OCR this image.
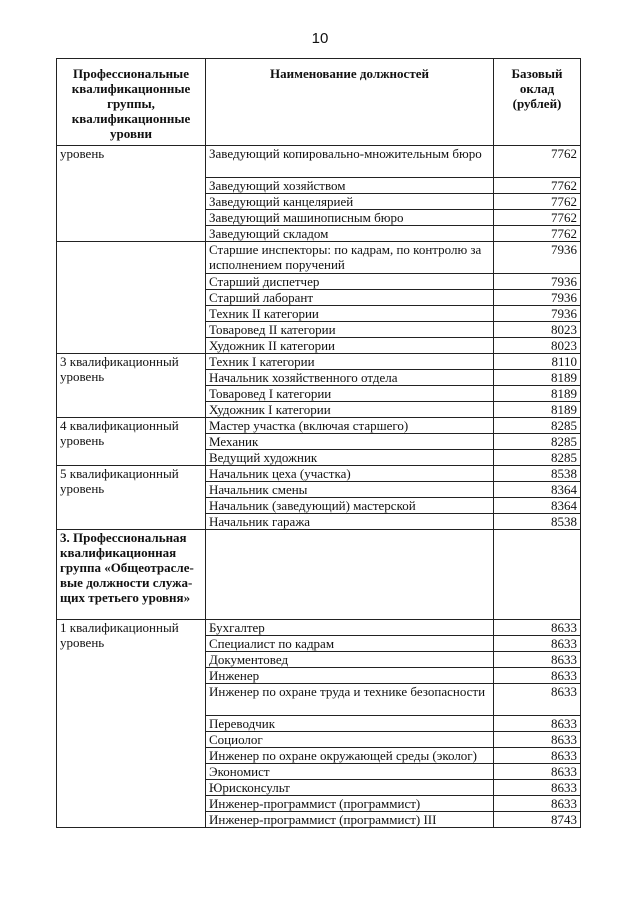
10
Профессиональные квалификационные группы, квалификационные уровни	Наименование должностей	Базовый оклад (рублей)
уровень	Заведующий копировально-множительным бюро	7762
	Заведующий хозяйством	7762
	Заведующий канцелярией	7762
	Заведующий машинописным бюро	7762
	Заведующий складом	7762
	Старшие инспекторы: по кадрам, по контролю за исполнением поручений	7936
	Старший диспетчер	7936
	Старший лаборант	7936
	Техник II категории	7936
	Товаровед II категории	8023
	Художник II категории	8023
3 квалификационный уровень	Техник I категории	8110
	Начальник хозяйственного отдела	8189
	Товаровед I категории	8189
	Художник I категории	8189
4 квалификационный уровень	Мастер участка (включая старшего)	8285
	Механик	8285
	Ведущий художник	8285
5 квалификационный уровень	Начальник цеха (участка)	8538
	Начальник смены	8364
	Начальник (заведующий) мастерской	8364
	Начальник гаража	8538
3. Профессиональная квалификационная группа «Общеотрасле-вые должности служа-щих третьего уровня»		
1 квалификационный уровень	Бухгалтер	8633
	Специалист по кадрам	8633
	Документовед	8633
	Инженер	8633
	Инженер по охране труда и технике безопасности	8633
	Переводчик	8633
	Социолог	8633
	Инженер по охране окружающей среды (эколог)	8633
	Экономист	8633
	Юрисконсульт	8633
	Инженер-программист (программист)	8633
	Инженер-программист (программист) III	8743
